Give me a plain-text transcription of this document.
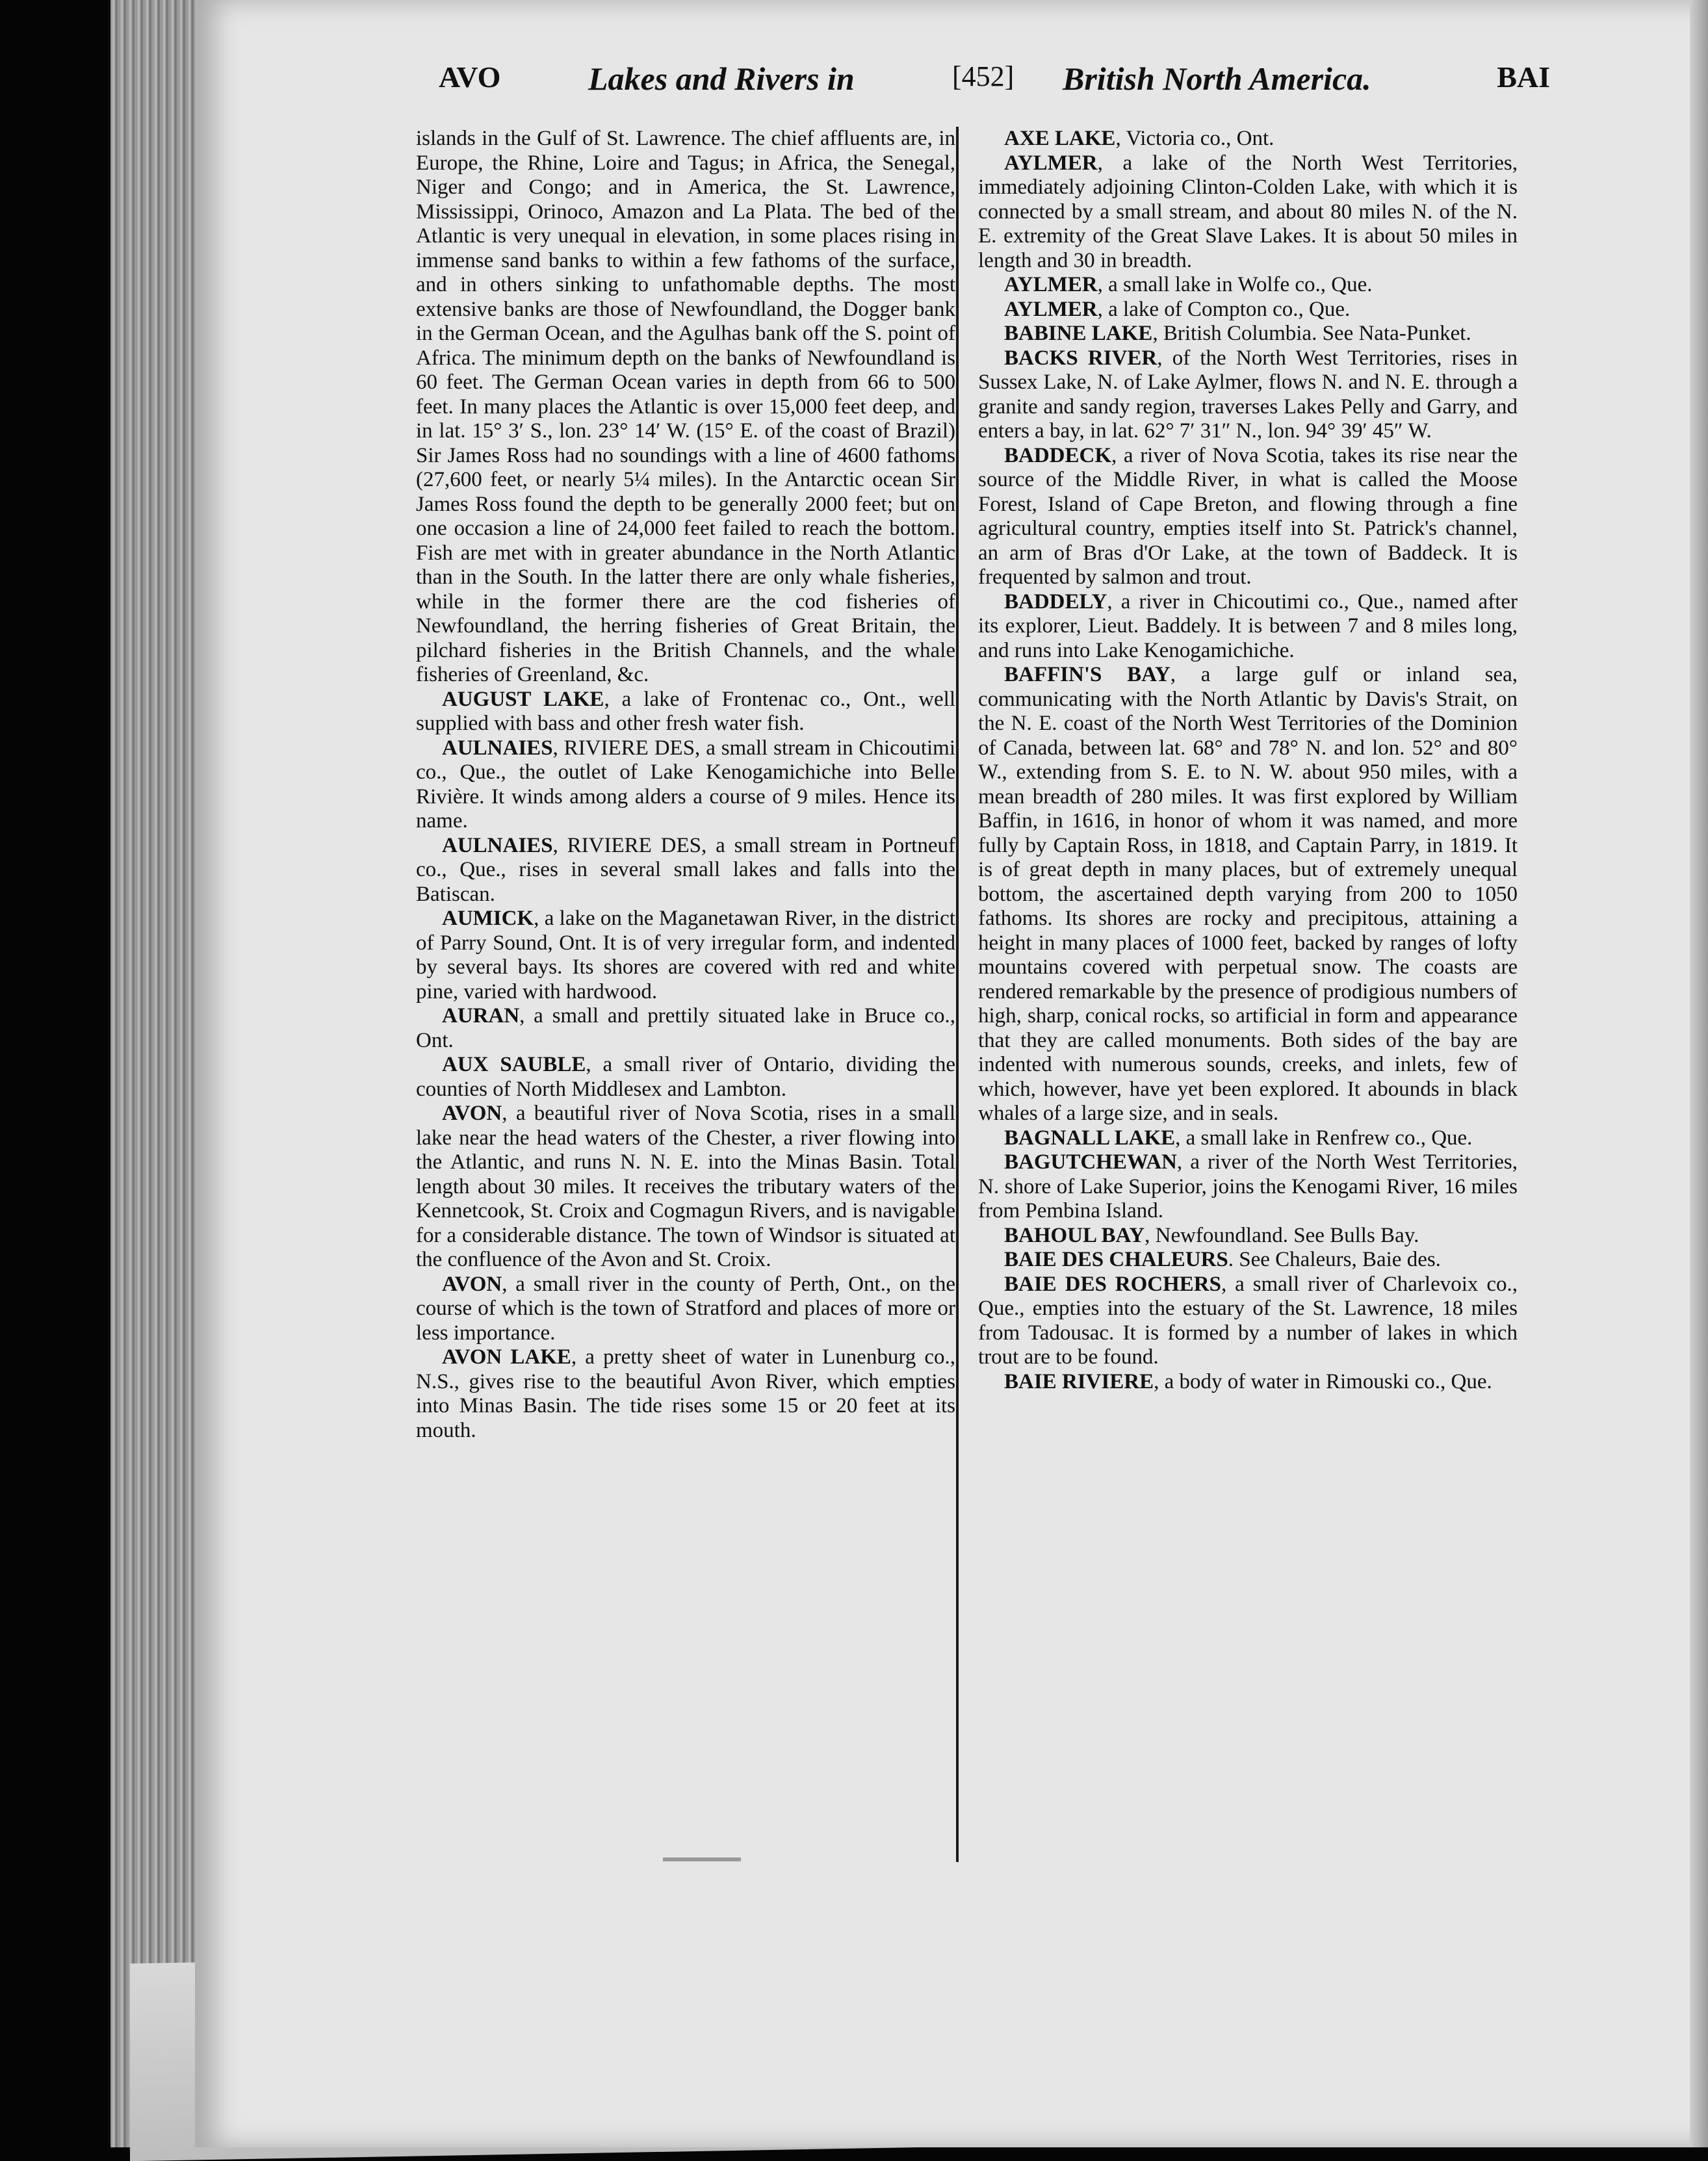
AVO	Lakes and Rivers in	[452] British North America.	BAI

islands in the Gulf of St. Lawrence. The chief affluents are, in Europe, the Rhine, Loire and Tagus; in Africa, the Senegal, Niger and Congo; and in America, the St. Lawrence, Mississippi, Orinoco, Amazon and La Plata. The bed of the Atlantic is very unequal in elevation, in some places rising in immense sand banks to within a few fathoms of the surface, and in others sinking to unfathomable depths. The most extensive banks are those of Newfoundland, the Dogger bank in the German Ocean, and the Agulhas bank off the S. point of Africa. The minimum depth on the banks of Newfoundland is 60 feet. The German Ocean varies in depth from 66 to 500 feet. In many places the Atlantic is over 15,000 feet deep, and in lat. 15° 3′ S., lon. 23° 14′ W. (15° E. of the coast of Brazil) Sir James Ross had no soundings with a line of 4600 fathoms (27,600 feet, or nearly 5¼ miles). In the Antarctic ocean Sir James Ross found the depth to be generally 2000 feet; but on one occasion a line of 24,000 feet failed to reach the bottom. Fish are met with in greater abundance in the North Atlantic than in the South. In the latter there are only whale fisheries, while in the former there are the cod fisheries of Newfoundland, the herring fisheries of Great Britain, the pilchard fisheries in the British Channels, and the whale fisheries of Greenland, &c.

AUGUST LAKE, a lake of Frontenac co., Ont., well supplied with bass and other fresh water fish.

AULNAIES, RIVIERE DES, a small stream in Chicoutimi co., Que., the outlet of Lake Kenogamichiche into Belle Rivière. It winds among alders a course of 9 miles. Hence its name.

AULNAIES, RIVIERE DES, a small stream in Portneuf co., Que., rises in several small lakes and falls into the Batiscan.

AUMICK, a lake on the Maganetawan River, in the district of Parry Sound, Ont. It is of very irregular form, and indented by several bays. Its shores are covered with red and white pine, varied with hardwood.

AURAN, a small and prettily situated lake in Bruce co., Ont.

AUX SAUBLE, a small river of Ontario, dividing the counties of North Middlesex and Lambton.

AVON, a beautiful river of Nova Scotia, rises in a small lake near the head waters of the Chester, a river flowing into the Atlantic, and runs N. N. E. into the Minas Basin. Total length about 30 miles. It receives the tributary waters of the Kennetcook, St. Croix and Cogmagun Rivers, and is navigable for a considerable distance. The town of Windsor is situated at the confluence of the Avon and St. Croix.

AVON, a small river in the county of Perth, Ont., on the course of which is the town of Stratford and places of more or less importance.

AVON LAKE, a pretty sheet of water in Lunenburg co., N.S., gives rise to the beautiful Avon River, which empties into Minas Basin. The tide rises some 15 or 20 feet at its mouth.

AXE LAKE, Victoria co., Ont.

AYLMER, a lake of the North West Territories, immediately adjoining Clinton-Colden Lake, with which it is connected by a small stream, and about 80 miles N. of the N. E. extremity of the Great Slave Lakes. It is about 50 miles in length and 30 in breadth.

AYLMER, a small lake in Wolfe co., Que.

AYLMER, a lake of Compton co., Que.

BABINE LAKE, British Columbia. See Nata-Punket.

BACKS RIVER, of the North West Territories, rises in Sussex Lake, N. of Lake Aylmer, flows N. and N. E. through a granite and sandy region, traverses Lakes Pelly and Garry, and enters a bay, in lat. 62° 7′ 31″ N., lon. 94° 39′ 45″ W.

BADDECK, a river of Nova Scotia, takes its rise near the source of the Middle River, in what is called the Moose Forest, Island of Cape Breton, and flowing through a fine agricultural country, empties itself into St. Patrick's channel, an arm of Bras d'Or Lake, at the town of Baddeck. It is frequented by salmon and trout.

BADDELY, a river in Chicoutimi co., Que., named after its explorer, Lieut. Baddely. It is between 7 and 8 miles long, and runs into Lake Kenogamichiche.

BAFFIN'S BAY, a large gulf or inland sea, communicating with the North Atlantic by Davis's Strait, on the N. E. coast of the North West Territories of the Dominion of Canada, between lat. 68° and 78° N. and lon. 52° and 80° W., extending from S. E. to N. W. about 950 miles, with a mean breadth of 280 miles. It was first explored by William Baffin, in 1616, in honor of whom it was named, and more fully by Captain Ross, in 1818, and Captain Parry, in 1819. It is of great depth in many places, but of extremely unequal bottom, the ascertained depth varying from 200 to 1050 fathoms. Its shores are rocky and precipitous, attaining a height in many places of 1000 feet, backed by ranges of lofty mountains covered with perpetual snow. The coasts are rendered remarkable by the presence of prodigious numbers of high, sharp, conical rocks, so artificial in form and appearance that they are called monuments. Both sides of the bay are indented with numerous sounds, creeks, and inlets, few of which, however, have yet been explored. It abounds in black whales of a large size, and in seals.

BAGNALL LAKE, a small lake in Renfrew co., Que.

BAGUTCHEWAN, a river of the North West Territories, N. shore of Lake Superior, joins the Kenogami River, 16 miles from Pembina Island.

BAHOUL BAY, Newfoundland. See Bulls Bay.

BAIE DES CHALEURS. See Chaleurs, Baie des.

BAIE DES ROCHERS, a small river of Charlevoix co., Que., empties into the estuary of the St. Lawrence, 18 miles from Tadousac. It is formed by a number of lakes in which trout are to be found.

BAIE RIVIERE, a body of water in Rimouski co., Que.
